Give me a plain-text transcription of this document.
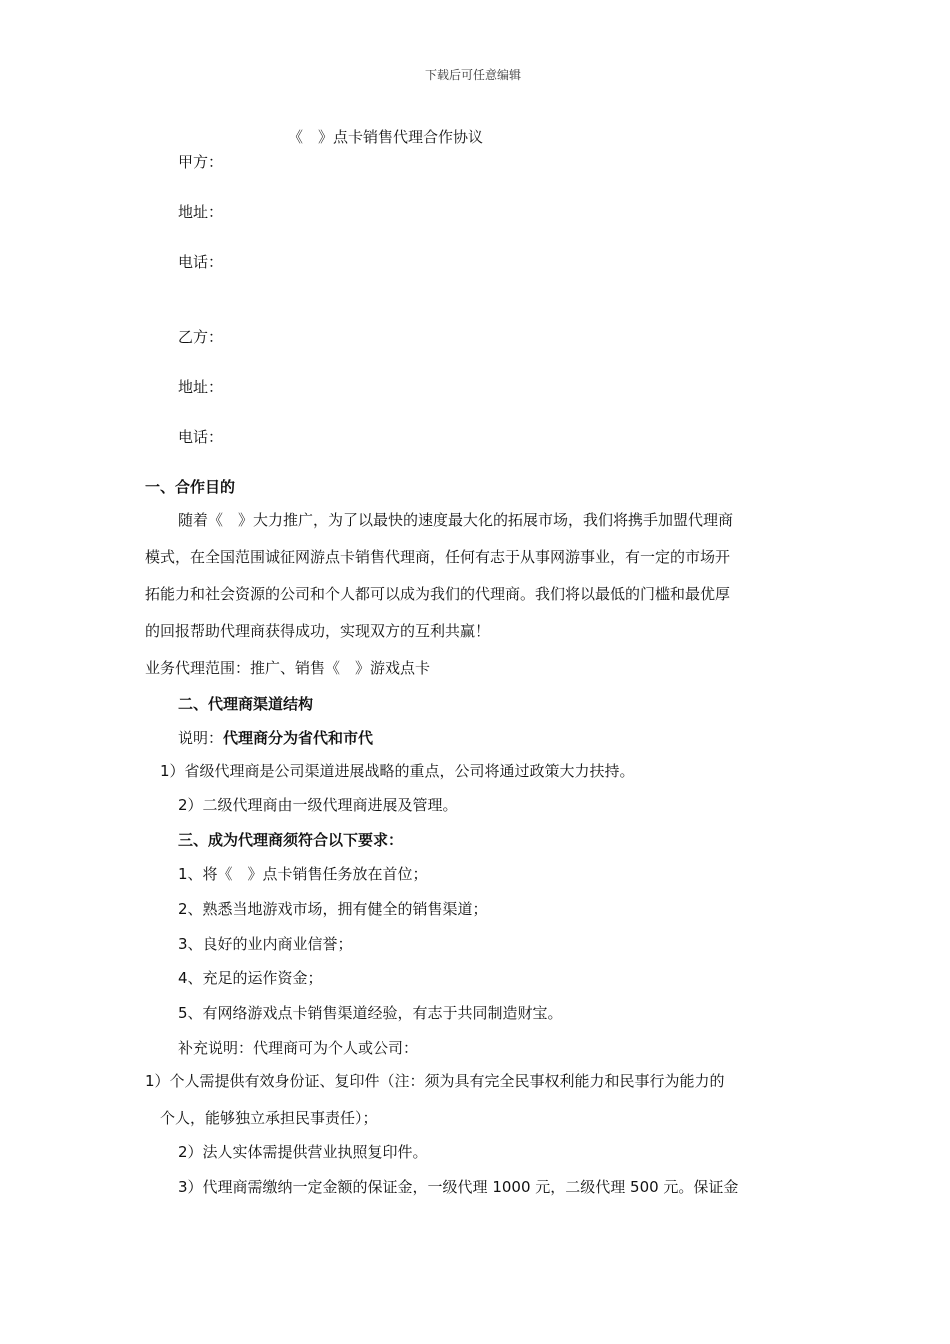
下载后可任意编辑
《　》点卡销售代理合作协议
甲方：
地址：
电话：
乙方：
地址：
电话：
一、合作目的
随着《　》大力推广，为了以最快的速度最大化的拓展市场，我们将携手加盟代理商
模式，在全国范围诚征网游点卡销售代理商，任何有志于从事网游事业，有一定的市场开
拓能力和社会资源的公司和个人都可以成为我们的代理商。我们将以最低的门槛和最优厚
的回报帮助代理商获得成功，实现双方的互利共赢！
业务代理范围：推广、销售《　》游戏点卡
二、代理商渠道结构
说明：代理商分为省代和市代
1）省级代理商是公司渠道进展战略的重点，公司将通过政策大力扶持。
2）二级代理商由一级代理商进展及管理。
三、成为代理商须符合以下要求：
1、将《　》点卡销售任务放在首位；
2、熟悉当地游戏市场，拥有健全的销售渠道；
3、良好的业内商业信誉；
4、充足的运作资金；
5、有网络游戏点卡销售渠道经验，有志于共同制造财宝。
补充说明：代理商可为个人或公司：
1）个人需提供有效身份证、复印件（注：须为具有完全民事权利能力和民事行为能力的
个人，能够独立承担民事责任）；
2）法人实体需提供营业执照复印件。
3）代理商需缴纳一定金额的保证金，一级代理 1000 元，二级代理 500 元。保证金
